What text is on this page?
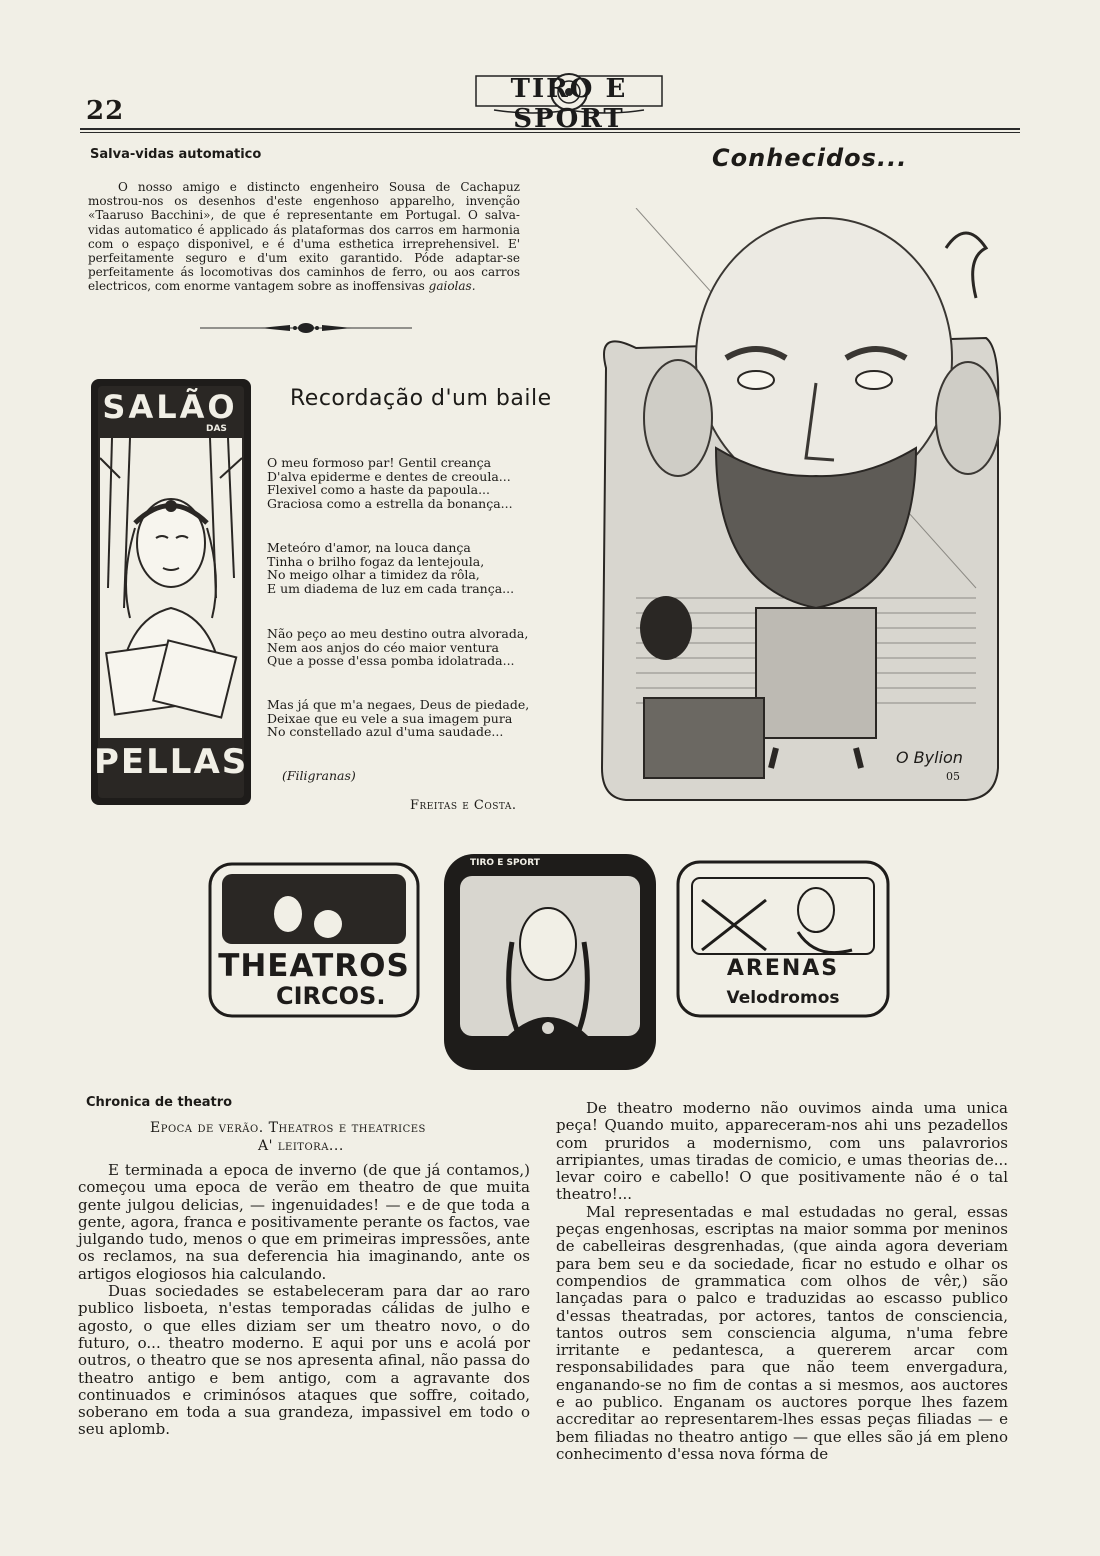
22
TIRO E SPORT
Salva-vidas automatico

O nosso amigo e distincto engenheiro Sousa de Cachapuz mostrou-nos os desenhos d'este engenhoso apparelho, invenção «Taaruso Bacchini», de que é representante em Portugal. O salva-vidas automatico é applicado ás plataformas dos carros em harmonia com o espaço disponivel, e é d'uma esthetica irreprehensivel. E' perfeitamente seguro e d'um exito garantido. Póde adaptar-se perfeitamente ás locomotivas dos caminhos de ferro, ou aos carros electricos, com enorme vantagem sobre as inoffensivas gaiolas.

SALÃO
DAS
PELLAS
Recordação d'um baile
O meu formoso par! Gentil creança
D'alva epiderme e dentes de creoula...
Flexivel como a haste da papoula...
Graciosa como a estrella da bonança...
Meteóro d'amor, na louca dança
Tinha o brilho fogaz da lentejoula,
No meigo olhar a timidez da rôla,
E um diadema de luz em cada trança...
Não peço ao meu destino outra alvorada,
Nem aos anjos do céo maior ventura
Que a posse d'essa pomba idolatrada...
Mas já que m'a negaes, Deus de piedade,
Deixae que eu vele a sua imagem pura
No constellado azul d'uma saudade...
(Filigranas)
Freitas e Costa.
Conhecidos...
O Bylion
05
THEATROS
CIRCOS.
TIRO E SPORT
ARENAS
Velodromos
Chronica de theatro
Epoca de verão. Theatros e theatrices
A' leitora...

E terminada a epoca de inverno (de que já contamos,) começou uma epoca de verão em theatro de que muita gente julgou delicias, — ingenuidades! — e de que toda a gente, agora, franca e positivamente perante os factos, vae julgando tudo, menos o que em primeiras impressões, ante os reclamos, na sua deferencia hia imaginando, ante os artigos elogiosos hia calculando.

Duas sociedades se estabeleceram para dar ao raro publico lisboeta, n'estas temporadas cálidas de julho e agosto, o que elles diziam ser um theatro novo, o do futuro, o... theatro moderno. E aqui por uns e acolá por outros, o theatro que se nos apresenta afinal, não passa do theatro antigo e bem antigo, com a agravante dos continuados e criminósos ataques que soffre, coitado, soberano em toda a sua grandeza, impassivel em todo o seu aplomb.

De theatro moderno não ouvimos ainda uma unica peça! Quando muito, appareceram-nos ahi uns pezadellos com pruridos a modernismo, com uns palavrorios arripiantes, umas tiradas de comicio, e umas theorias de... levar coiro e cabello! O que positivamente não é o tal theatro!...

Mal representadas e mal estudadas no geral, essas peças engenhosas, escriptas na maior somma por meninos de cabelleiras desgrenhadas, (que ainda agora deveriam para bem seu e da sociedade, ficar no estudo e olhar os compendios de grammatica com olhos de vêr,) são lançadas para o palco e traduzidas ao escasso publico d'essas theatradas, por actores, tantos de consciencia, tantos outros sem consciencia alguma, n'uma febre irritante e pedantesca, a quererem arcar com responsabilidades para que não teem envergadura, enganando-se no fim de contas a si mesmos, aos auctores e ao publico. Enganam os auctores porque lhes fazem accreditar ao representarem-lhes essas peças filiadas — e bem filiadas no theatro antigo — que elles são já em pleno conhecimento d'essa nova fórma de
